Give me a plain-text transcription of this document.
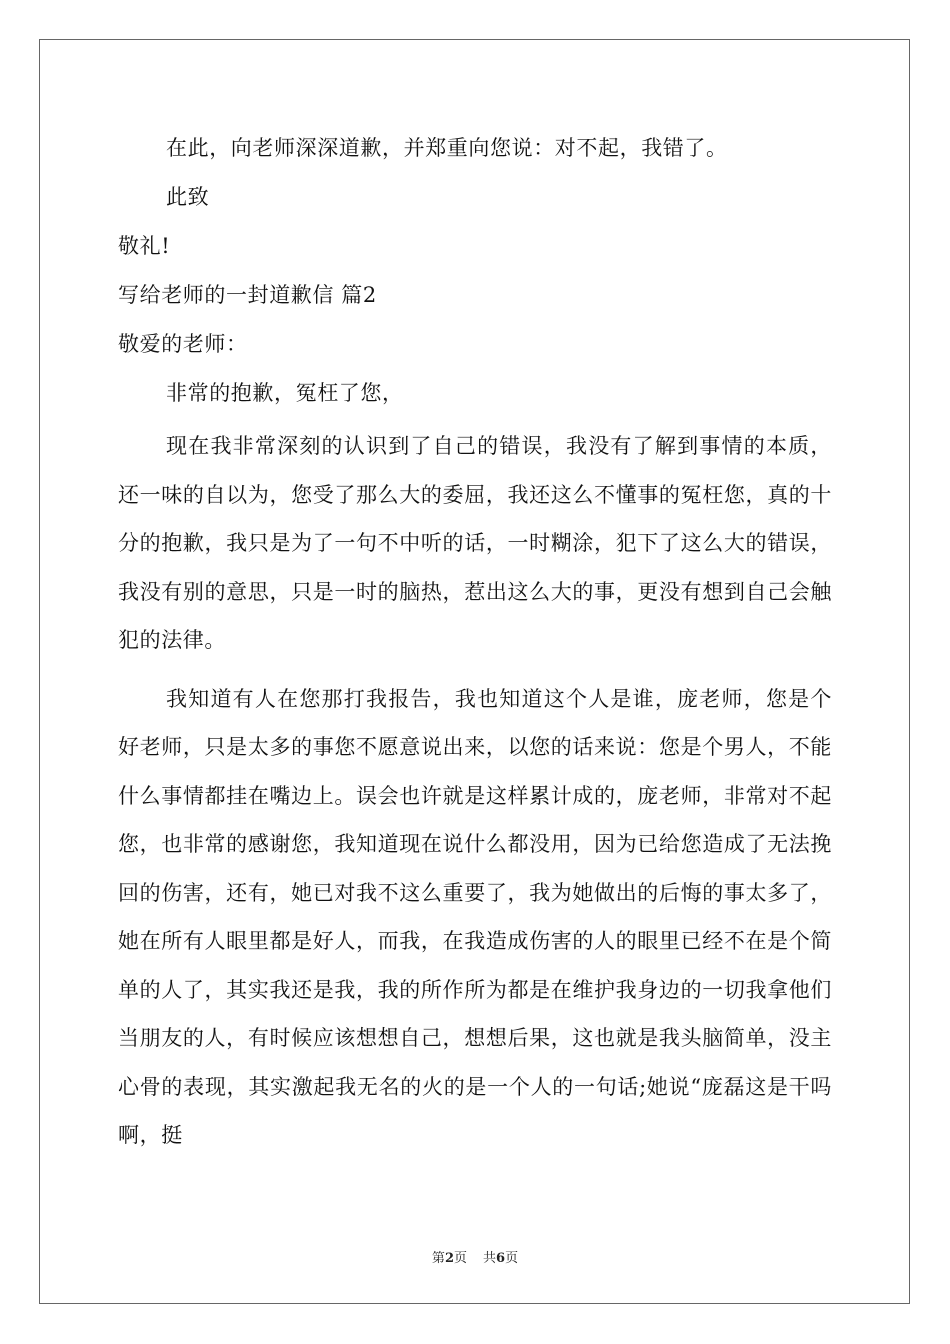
在此，向老师深深道歉，并郑重向您说：对不起，我错了。
此致
敬礼!
写给老师的一封道歉信 篇2
敬爱的老师：
非常的抱歉，冤枉了您，

现在我非常深刻的认识到了自己的错误，我没有了解到事情的本质，还一味的自以为，您受了那么大的委屈，我还这么不懂事的冤枉您，真的十分的抱歉，我只是为了一句不中听的话，一时糊涂，犯下了这么大的错误，我没有别的意思，只是一时的脑热，惹出这么大的事，更没有想到自己会触犯的法律。

我知道有人在您那打我报告，我也知道这个人是谁，庞老师，您是个好老师，只是太多的事您不愿意说出来，以您的话来说：您是个男人，不能什么事情都挂在嘴边上。误会也许就是这样累计成的，庞老师，非常对不起您，也非常的感谢您，我知道现在说什么都没用，因为已给您造成了无法挽回的伤害，还有，她已对我不这么重要了，我为她做出的后悔的事太多了，她在所有人眼里都是好人，而我，在我造成伤害的人的眼里已经不在是个简单的人了，其实我还是我，我的所作所为都是在维护我身边的一切我拿他们当朋友的人，有时候应该想想自己，想想后果，这也就是我头脑简单，没主心骨的表现，其实激起我无名的火的是一个人的一句话;她说“庞磊这是干吗啊，挺

第2页 共6页
